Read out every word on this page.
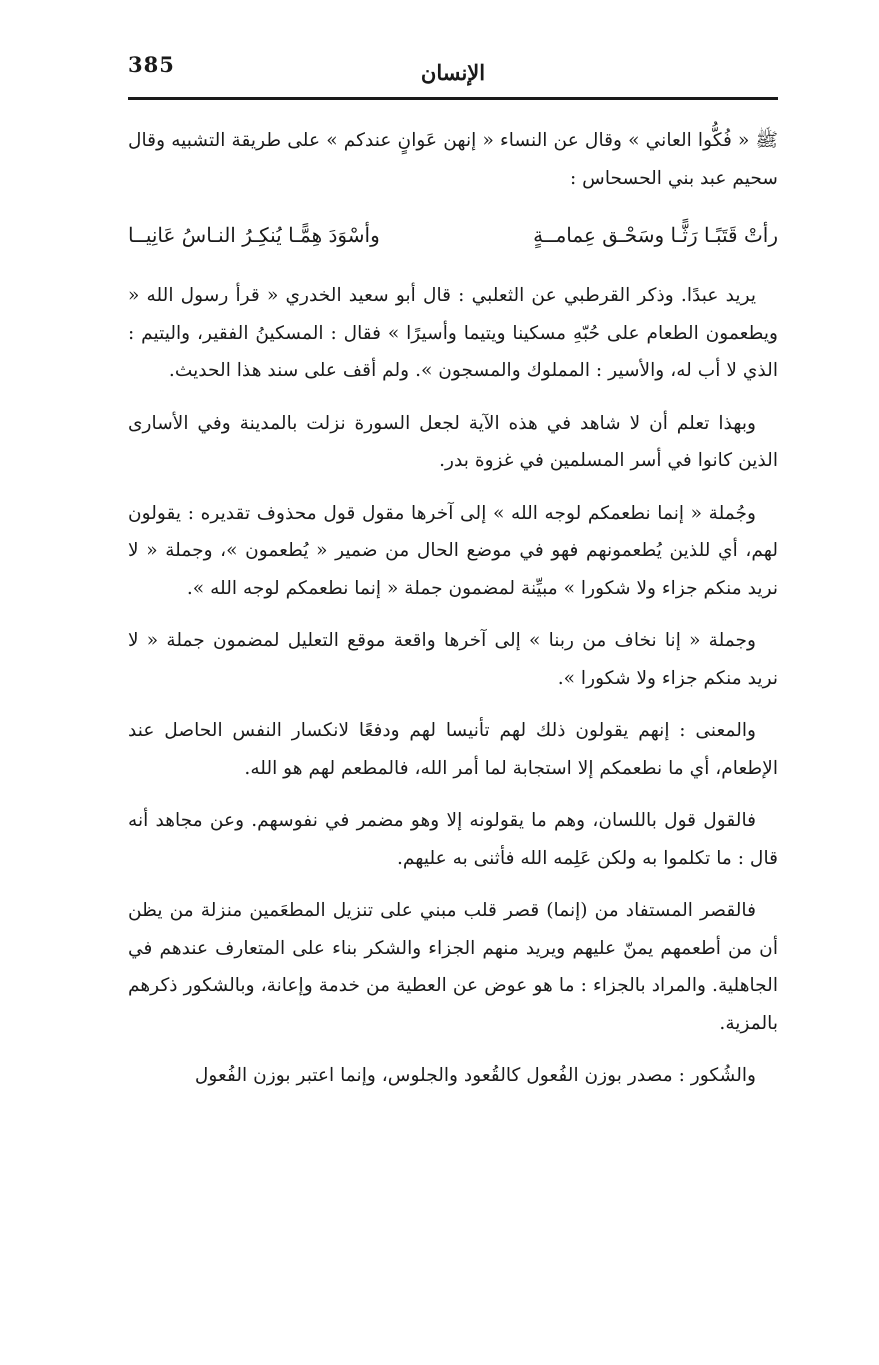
385	الإنسان

ﷺ « فُكُّوا العاني » وقال عن النساء « إنهن عَوانٍ عندكم » على طريقة التشبيه وقال سحيم عبد بني الحسحاس :

رأتْ قَتَبًـا رَثًّـا وسَحْـق عِمامــةٍ
وأسْوَدَ هِمًّـا يُنكِـرُ النـاسُ عَانِيــا

يريد عبدًا. وذكر القرطبي عن الثعلبي : قال أبو سعيد الخدري « قرأ رسول الله « ويطعمون الطعام على حُبّهِ مسكينا ويتيما وأسيرًا » فقال : المسكينُ الفقير، واليتيم : الذي لا أب له، والأسير : المملوك والمسجون ». ولم أقف على سند هذا الحديث.

وبهذا تعلم أن لا شاهد في هذه الآية لجعل السورة نزلت بالمدينة وفي الأسارى الذين كانوا في أسر المسلمين في غزوة بدر.

وجُملة « إنما نطعمكم لوجه الله » إلى آخرها مقول قول محذوف تقديره : يقولون لهم، أي للذين يُطعمونهم فهو في موضع الحال من ضمير « يُطعمون »، وجملة « لا نريد منكم جزاء ولا شكورا » مبيِّنة لمضمون جملة « إنما نطعمكم لوجه الله ».

وجملة « إنا نخاف من ربنا » إلى آخرها واقعة موقع التعليل لمضمون جملة « لا نريد منكم جزاء ولا شكورا ».

والمعنى : إنهم يقولون ذلك لهم تأنيسا لهم ودفعًا لانكسار النفس الحاصل عند الإطعام، أي ما نطعمكم إلا استجابة لما أمر الله، فالمطعم لهم هو الله.

فالقول قول باللسان، وهم ما يقولونه إلا وهو مضمر في نفوسهم. وعن مجاهد أنه قال : ما تكلموا به ولكن عَلِمه الله فأثنى به عليهم.

فالقصر المستفاد من (إنما) قصر قلب مبني على تنزيل المطعَمين منزلة من يظن أن من أطعمهم يمنّ عليهم ويريد منهم الجزاء والشكر بناء على المتعارف عندهم في الجاهلية. والمراد بالجزاء : ما هو عوض عن العطية من خدمة وإعانة، وبالشكور ذكرهم بالمزية.

والشُكور : مصدر بوزن الفُعول كالقُعود والجلوس، وإنما اعتبر بوزن الفُعول
